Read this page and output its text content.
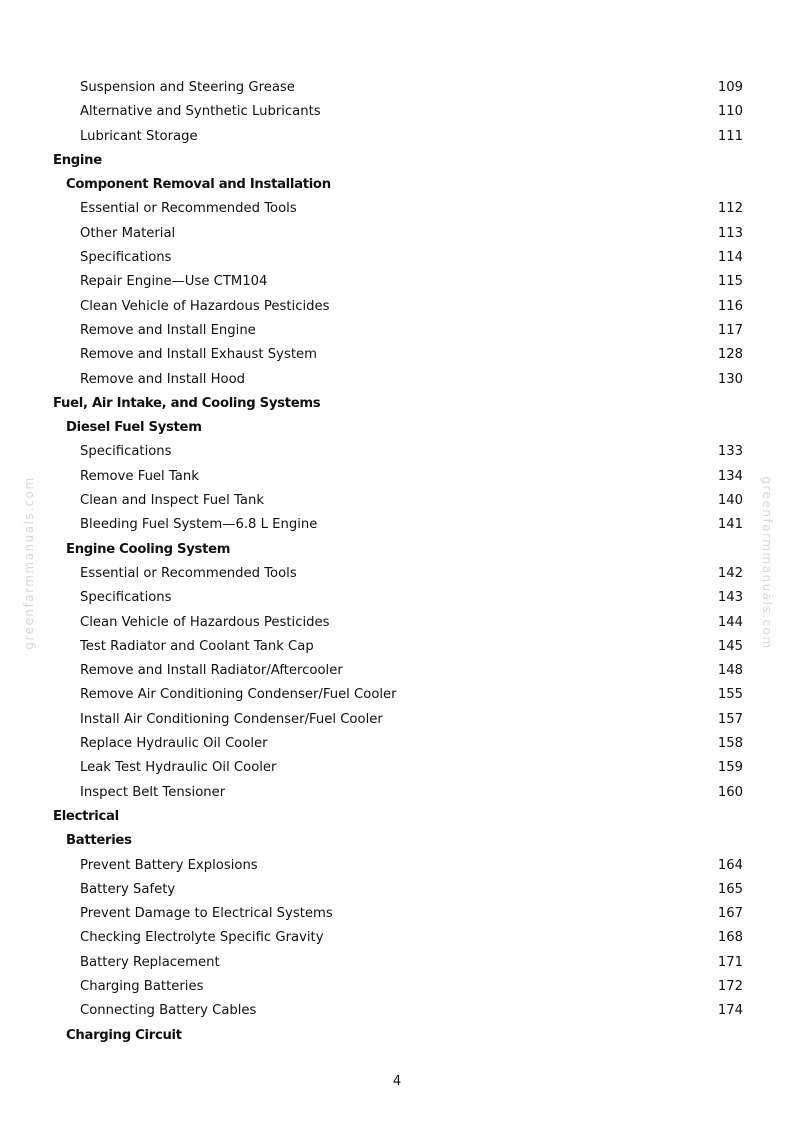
Suspension and Steering Grease	109
Alternative and Synthetic Lubricants	110
Lubricant Storage	111
Engine
Component Removal and Installation
Essential or Recommended Tools	112
Other Material	113
Specifications	114
Repair Engine—Use CTM104	115
Clean Vehicle of Hazardous Pesticides	116
Remove and Install Engine	117
Remove and Install Exhaust System	128
Remove and Install Hood	130
Fuel, Air Intake, and Cooling Systems
Diesel Fuel System
Specifications	133
Remove Fuel Tank	134
Clean and Inspect Fuel Tank	140
Bleeding Fuel System—6.8 L Engine	141
Engine Cooling System
Essential or Recommended Tools	142
Specifications	143
Clean Vehicle of Hazardous Pesticides	144
Test Radiator and Coolant Tank Cap	145
Remove and Install Radiator/Aftercooler	148
Remove Air Conditioning Condenser/Fuel Cooler	155
Install Air Conditioning Condenser/Fuel Cooler	157
Replace Hydraulic Oil Cooler	158
Leak Test Hydraulic Oil Cooler	159
Inspect Belt Tensioner	160
Electrical
Batteries
Prevent Battery Explosions	164
Battery Safety	165
Prevent Damage to Electrical Systems	167
Checking Electrolyte Specific Gravity	168
Battery Replacement	171
Charging Batteries	172
Connecting Battery Cables	174
Charging Circuit
greenfarmmanuals.com	greenfarmmanuals.com
4
